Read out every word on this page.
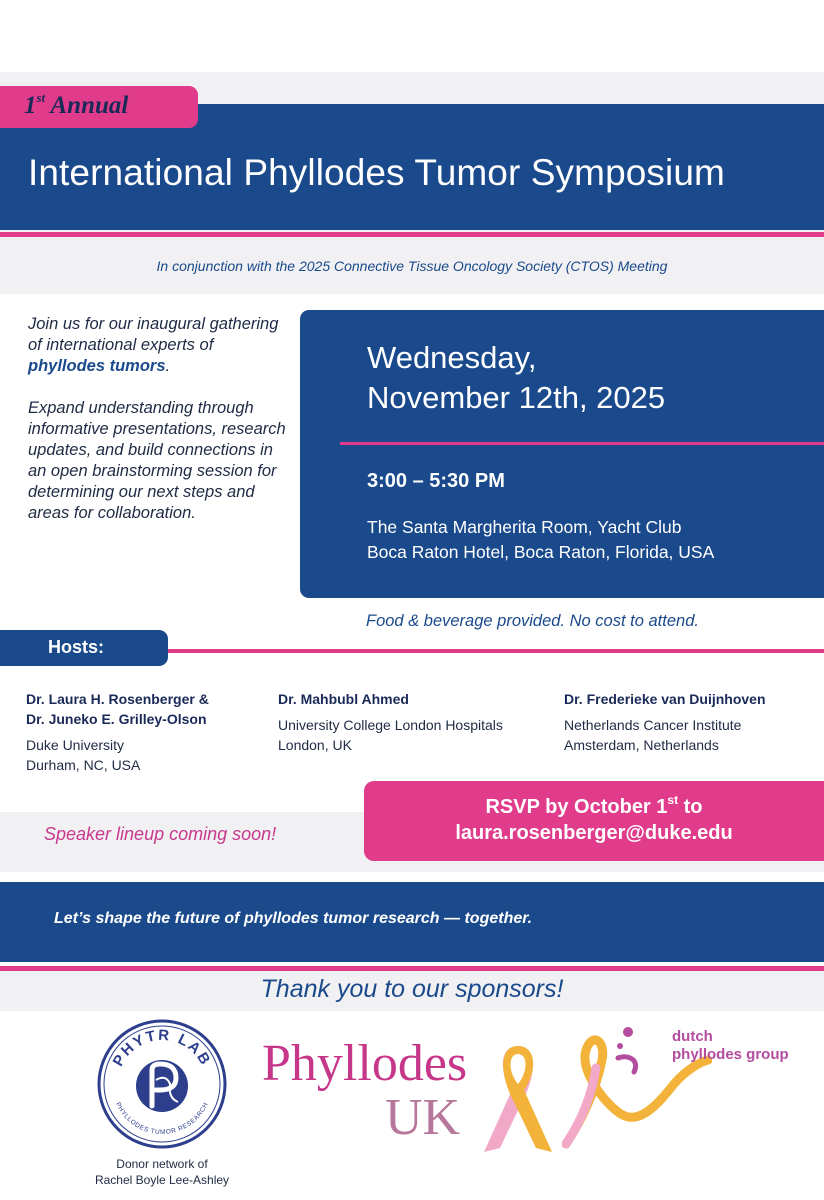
International Phyllodes Tumor Symposium
1st Annual
In conjunction with the 2025 Connective Tissue Oncology Society (CTOS) Meeting

Join us for our inaugural gathering of international experts of phyllodes tumors.

Expand understanding through informative presentations, research updates, and build connections in an open brainstorming session for determining our next steps and areas for collaboration.

Wednesday,
November 12th, 2025
3:00 – 5:30 PM
The Santa Margherita Room, Yacht Club
Boca Raton Hotel, Boca Raton, Florida, USA
Food & beverage provided. No cost to attend.
Hosts:
Dr. Laura H. Rosenberger &
Dr. Juneko E. Grilley-Olson
Duke University
Durham, NC, USA
Dr. Mahbubl Ahmed
University College London Hospitals
London, UK
Dr. Frederieke van Duijnhoven
Netherlands Cancer Institute
Amsterdam, Netherlands
RSVP by October 1st to
laura.rosenberger@duke.edu
Speaker lineup coming soon!
Let’s shape the future of phyllodes tumor research — together.
Thank you to our sponsors!
PHYTR LAB
PHYLLODES TUMOR RESEARCH
Donor network of
Rachel Boyle Lee-Ashley
Phyllodes
UK
dutch
phyllodes group
